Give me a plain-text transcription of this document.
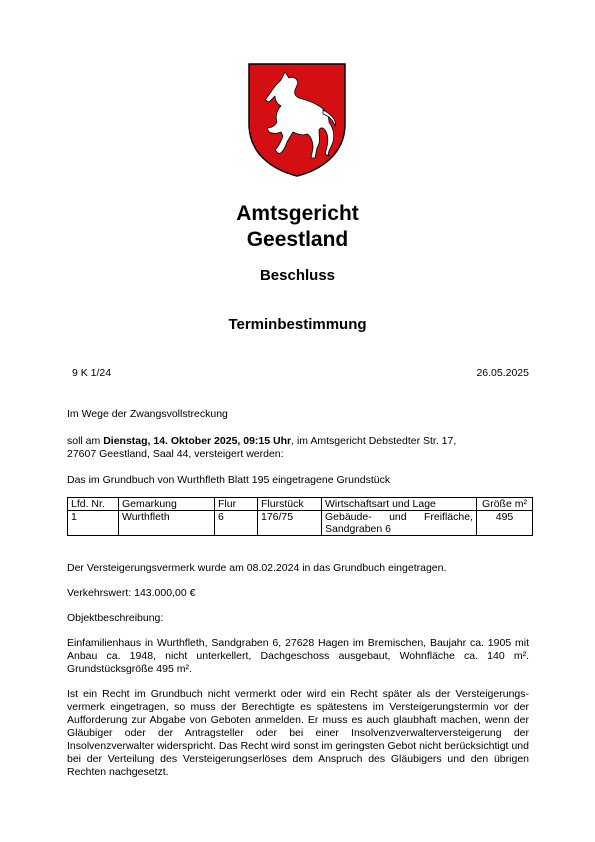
Amtsgericht
Geestland
Beschluss
Terminbestimmung
9 K 1/24	26.05.2025
Im Wege der Zwangsvollstreckung
soll am Dienstag, 14. Oktober 2025, 09:15 Uhr, im Amtsgericht Debstedter Str. 17,
27607 Geestland, Saal 44, versteigert werden:
Das im Grundbuch von Wurthfleth Blatt 195 eingetragene Grundstück
Lfd. Nr.	Gemarkung	Flur	Flurstück	Wirtschaftsart und Lage	Größe m²
1	Wurthfleth	6	176/75	Gebäude- und Freifläche, Sandgraben 6	495
Der Versteigerungsvermerk wurde am 08.02.2024 in das Grundbuch eingetragen.
Verkehrswert: 143.000,00 €
Objektbeschreibung:
Einfamilienhaus in Wurthfleth, Sandgraben 6, 27628 Hagen im Bremischen, Baujahr ca. 1905 mit Anbau ca. 1948, nicht unterkellert, Dachgeschoss ausgebaut, Wohnfläche ca. 140 m². Grundstücksgröße 495 m².
Ist ein Recht im Grundbuch nicht vermerkt oder wird ein Recht später als der Versteigerungs-vermerk eingetragen, so muss der Berechtigte es spätestens im Versteigerungstermin vor der Aufforderung zur Abgabe von Geboten anmelden. Er muss es auch glaubhaft machen, wenn der Gläubiger oder der Antragsteller oder bei einer Insolvenzverwalterversteigerung der Insolvenzverwalter widerspricht. Das Recht wird sonst im geringsten Gebot nicht berücksichtigt und bei der Verteilung des Versteigerungserlöses dem Anspruch des Gläubigers und den übrigen Rechten nachgesetzt.
